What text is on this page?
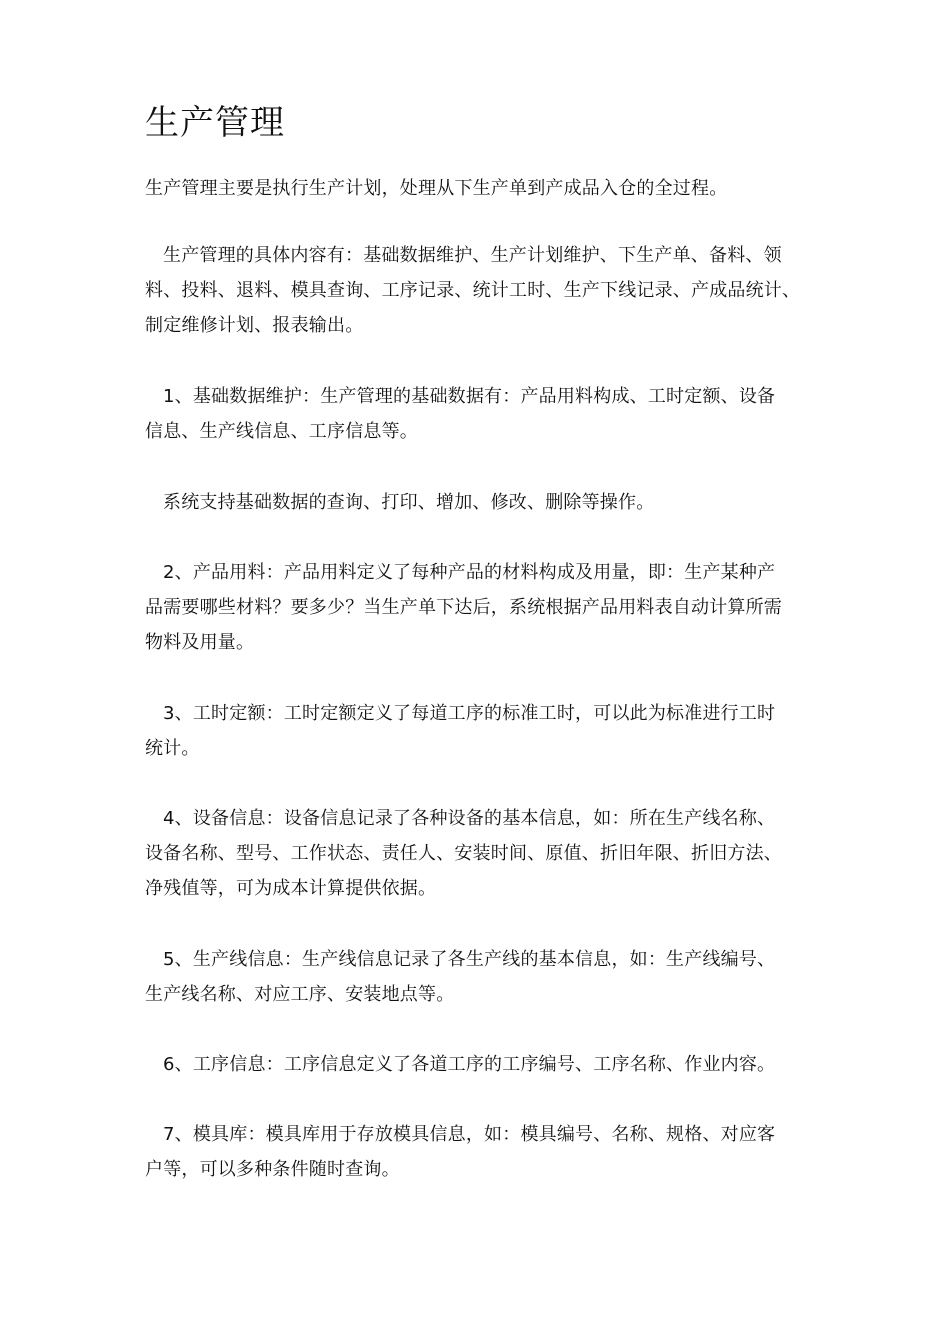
生产管理

生产管理主要是执行生产计划，处理从下生产单到产成品入仓的全过程。

生产管理的具体内容有：基础数据维护、生产计划维护、下生产单、备料、领
料、投料、退料、模具查询、工序记录、统计工时、生产下线记录、产成品统计、
制定维修计划、报表输出。

1、基础数据维护：生产管理的基础数据有：产品用料构成、工时定额、设备
信息、生产线信息、工序信息等。

系统支持基础数据的查询、打印、增加、修改、删除等操作。

2、产品用料：产品用料定义了每种产品的材料构成及用量，即：生产某种产
品需要哪些材料？要多少？当生产单下达后，系统根据产品用料表自动计算所需
物料及用量。

3、工时定额：工时定额定义了每道工序的标准工时，可以此为标准进行工时
统计。

4、设备信息：设备信息记录了各种设备的基本信息，如：所在生产线名称、
设备名称、型号、工作状态、责任人、安装时间、原值、折旧年限、折旧方法、
净残值等，可为成本计算提供依据。

5、生产线信息：生产线信息记录了各生产线的基本信息，如：生产线编号、
生产线名称、对应工序、安装地点等。

6、工序信息：工序信息定义了各道工序的工序编号、工序名称、作业内容。

7、模具库：模具库用于存放模具信息，如：模具编号、名称、规格、对应客
户等，可以多种条件随时查询。
